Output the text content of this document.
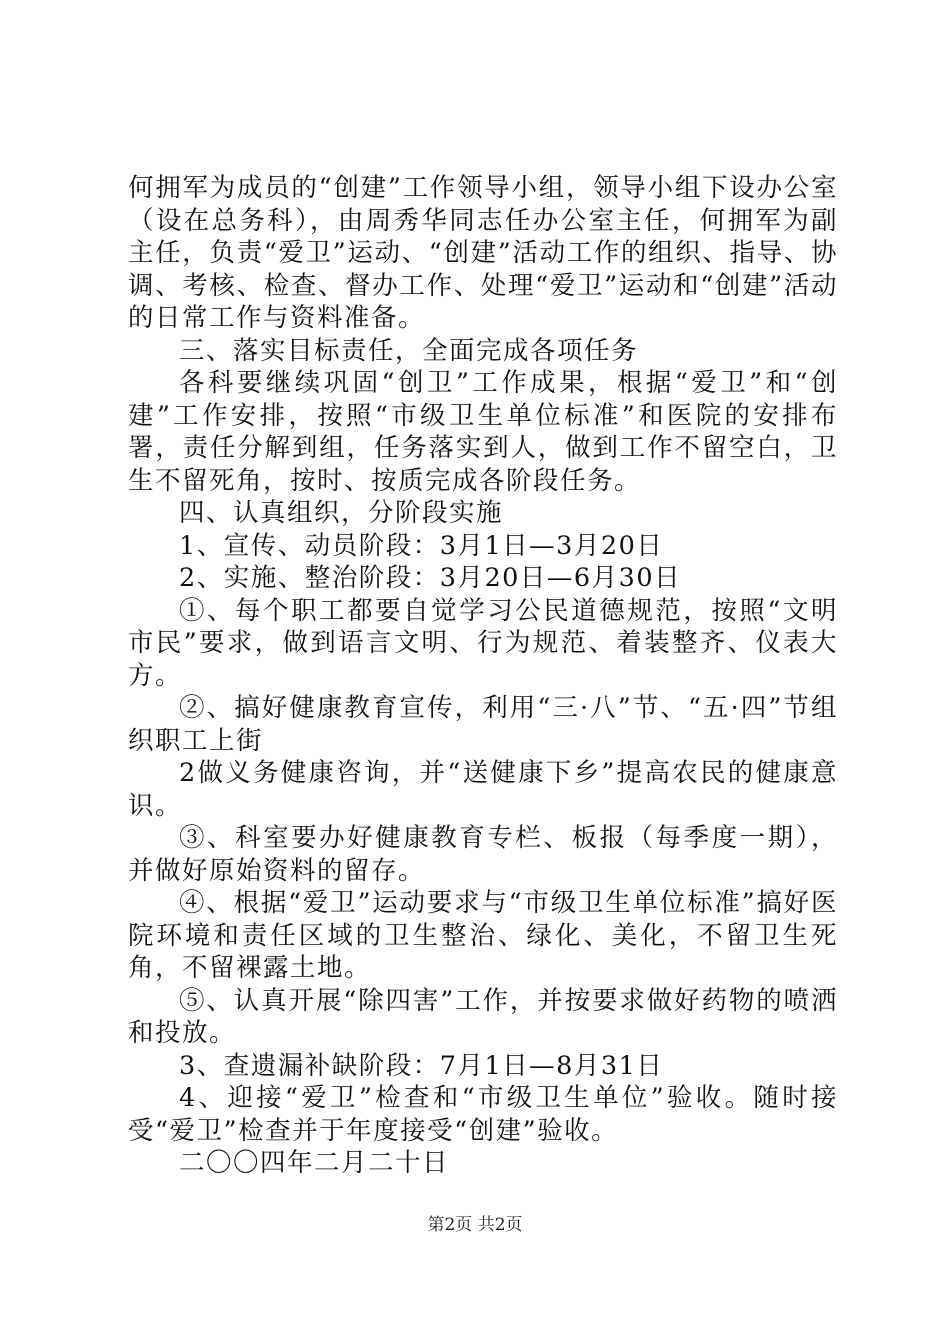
何拥军为成员的“创建”工作领导小组，领导小组下设办公室（设在总务科），由周秀华同志任办公室主任，何拥军为副主任，负责“爱卫”运动、“创建”活动工作的组织、指导、协调、考核、检查、督办工作、处理“爱卫”运动和“创建”活动的日常工作与资料准备。

三、落实目标责任，全面完成各项任务

各科要继续巩固“创卫”工作成果，根据“爱卫”和“创建”工作安排，按照“市级卫生单位标准”和医院的安排布署，责任分解到组，任务落实到人，做到工作不留空白，卫生不留死角，按时、按质完成各阶段任务。

四、认真组织，分阶段实施

1、宣传、动员阶段：3月1日—3月20日

2、实施、整治阶段：3月20日—6月30日

①、每个职工都要自觉学习公民道德规范，按照“文明市民”要求，做到语言文明、行为规范、着装整齐、仪表大方。

②、搞好健康教育宣传，利用“三·八”节、“五·四”节组织职工上街

2做义务健康咨询，并“送健康下乡”提高农民的健康意识。

③、科室要办好健康教育专栏、板报（每季度一期），并做好原始资料的留存。

④、根据“爱卫”运动要求与“市级卫生单位标准”搞好医院环境和责任区域的卫生整治、绿化、美化，不留卫生死角，不留裸露土地。

⑤、认真开展“除四害”工作，并按要求做好药物的喷洒和投放。

3、查遗漏补缺阶段：7月1日—8月31日

4、迎接“爱卫”检查和“市级卫生单位”验收。随时接受“爱卫”检查并于年度接受“创建”验收。

二〇〇四年二月二十日

第2页 共2页
